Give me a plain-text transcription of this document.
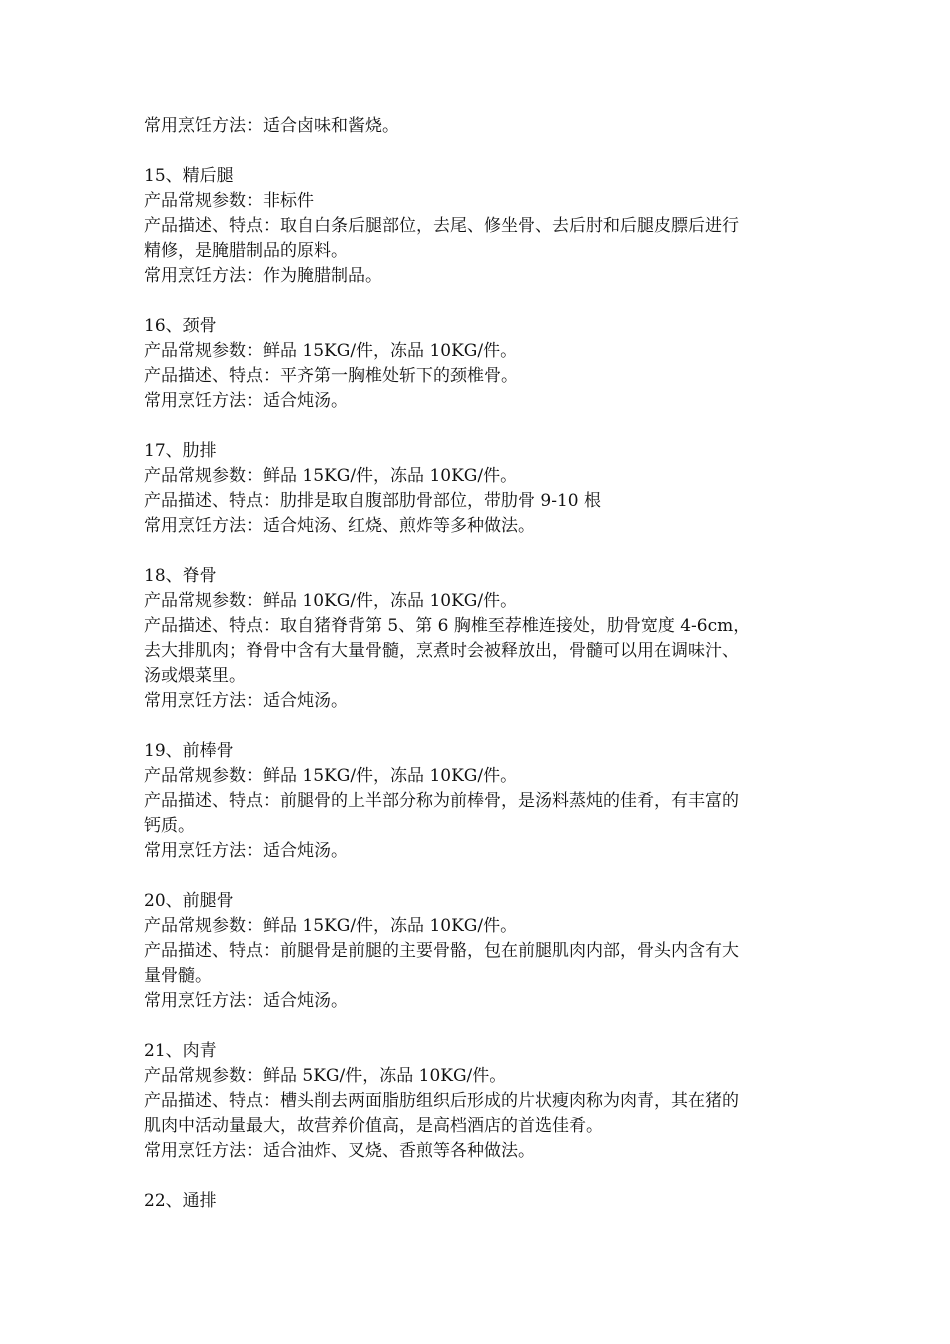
常用烹饪方法：适合卤味和酱烧。

15、精后腿

产品常规参数：非标件

产品描述、特点：取自白条后腿部位，去尾、修坐骨、去后肘和后腿皮膘后进行

精修，是腌腊制品的原料。

常用烹饪方法：作为腌腊制品。

16、颈骨

产品常规参数：鲜品 15KG/件，冻品 10KG/件。

产品描述、特点：平齐第一胸椎处斩下的颈椎骨。

常用烹饪方法：适合炖汤。

17、肋排

产品常规参数：鲜品 15KG/件，冻品 10KG/件。

产品描述、特点：肋排是取自腹部肋骨部位，带肋骨 9-10 根

常用烹饪方法：适合炖汤、红烧、煎炸等多种做法。

18、脊骨

产品常规参数：鲜品 10KG/件，冻品 10KG/件。

产品描述、特点：取自猪脊背第 5、第 6 胸椎至荐椎连接处，肋骨宽度 4-6cm，

去大排肌肉；脊骨中含有大量骨髓，烹煮时会被释放出，骨髓可以用在调味汁、

汤或煨菜里。

常用烹饪方法：适合炖汤。

19、前棒骨

产品常规参数：鲜品 15KG/件，冻品 10KG/件。

产品描述、特点：前腿骨的上半部分称为前棒骨，是汤料蒸炖的佳肴，有丰富的

钙质。

常用烹饪方法：适合炖汤。

20、前腿骨

产品常规参数：鲜品 15KG/件，冻品 10KG/件。

产品描述、特点：前腿骨是前腿的主要骨骼，包在前腿肌肉内部，骨头内含有大

量骨髓。

常用烹饪方法：适合炖汤。

21、肉青

产品常规参数：鲜品 5KG/件，冻品 10KG/件。

产品描述、特点：槽头削去两面脂肪组织后形成的片状瘦肉称为肉青，其在猪的

肌肉中活动量最大，故营养价值高，是高档酒店的首选佳肴。

常用烹饪方法：适合油炸、叉烧、香煎等各种做法。

22、通排
